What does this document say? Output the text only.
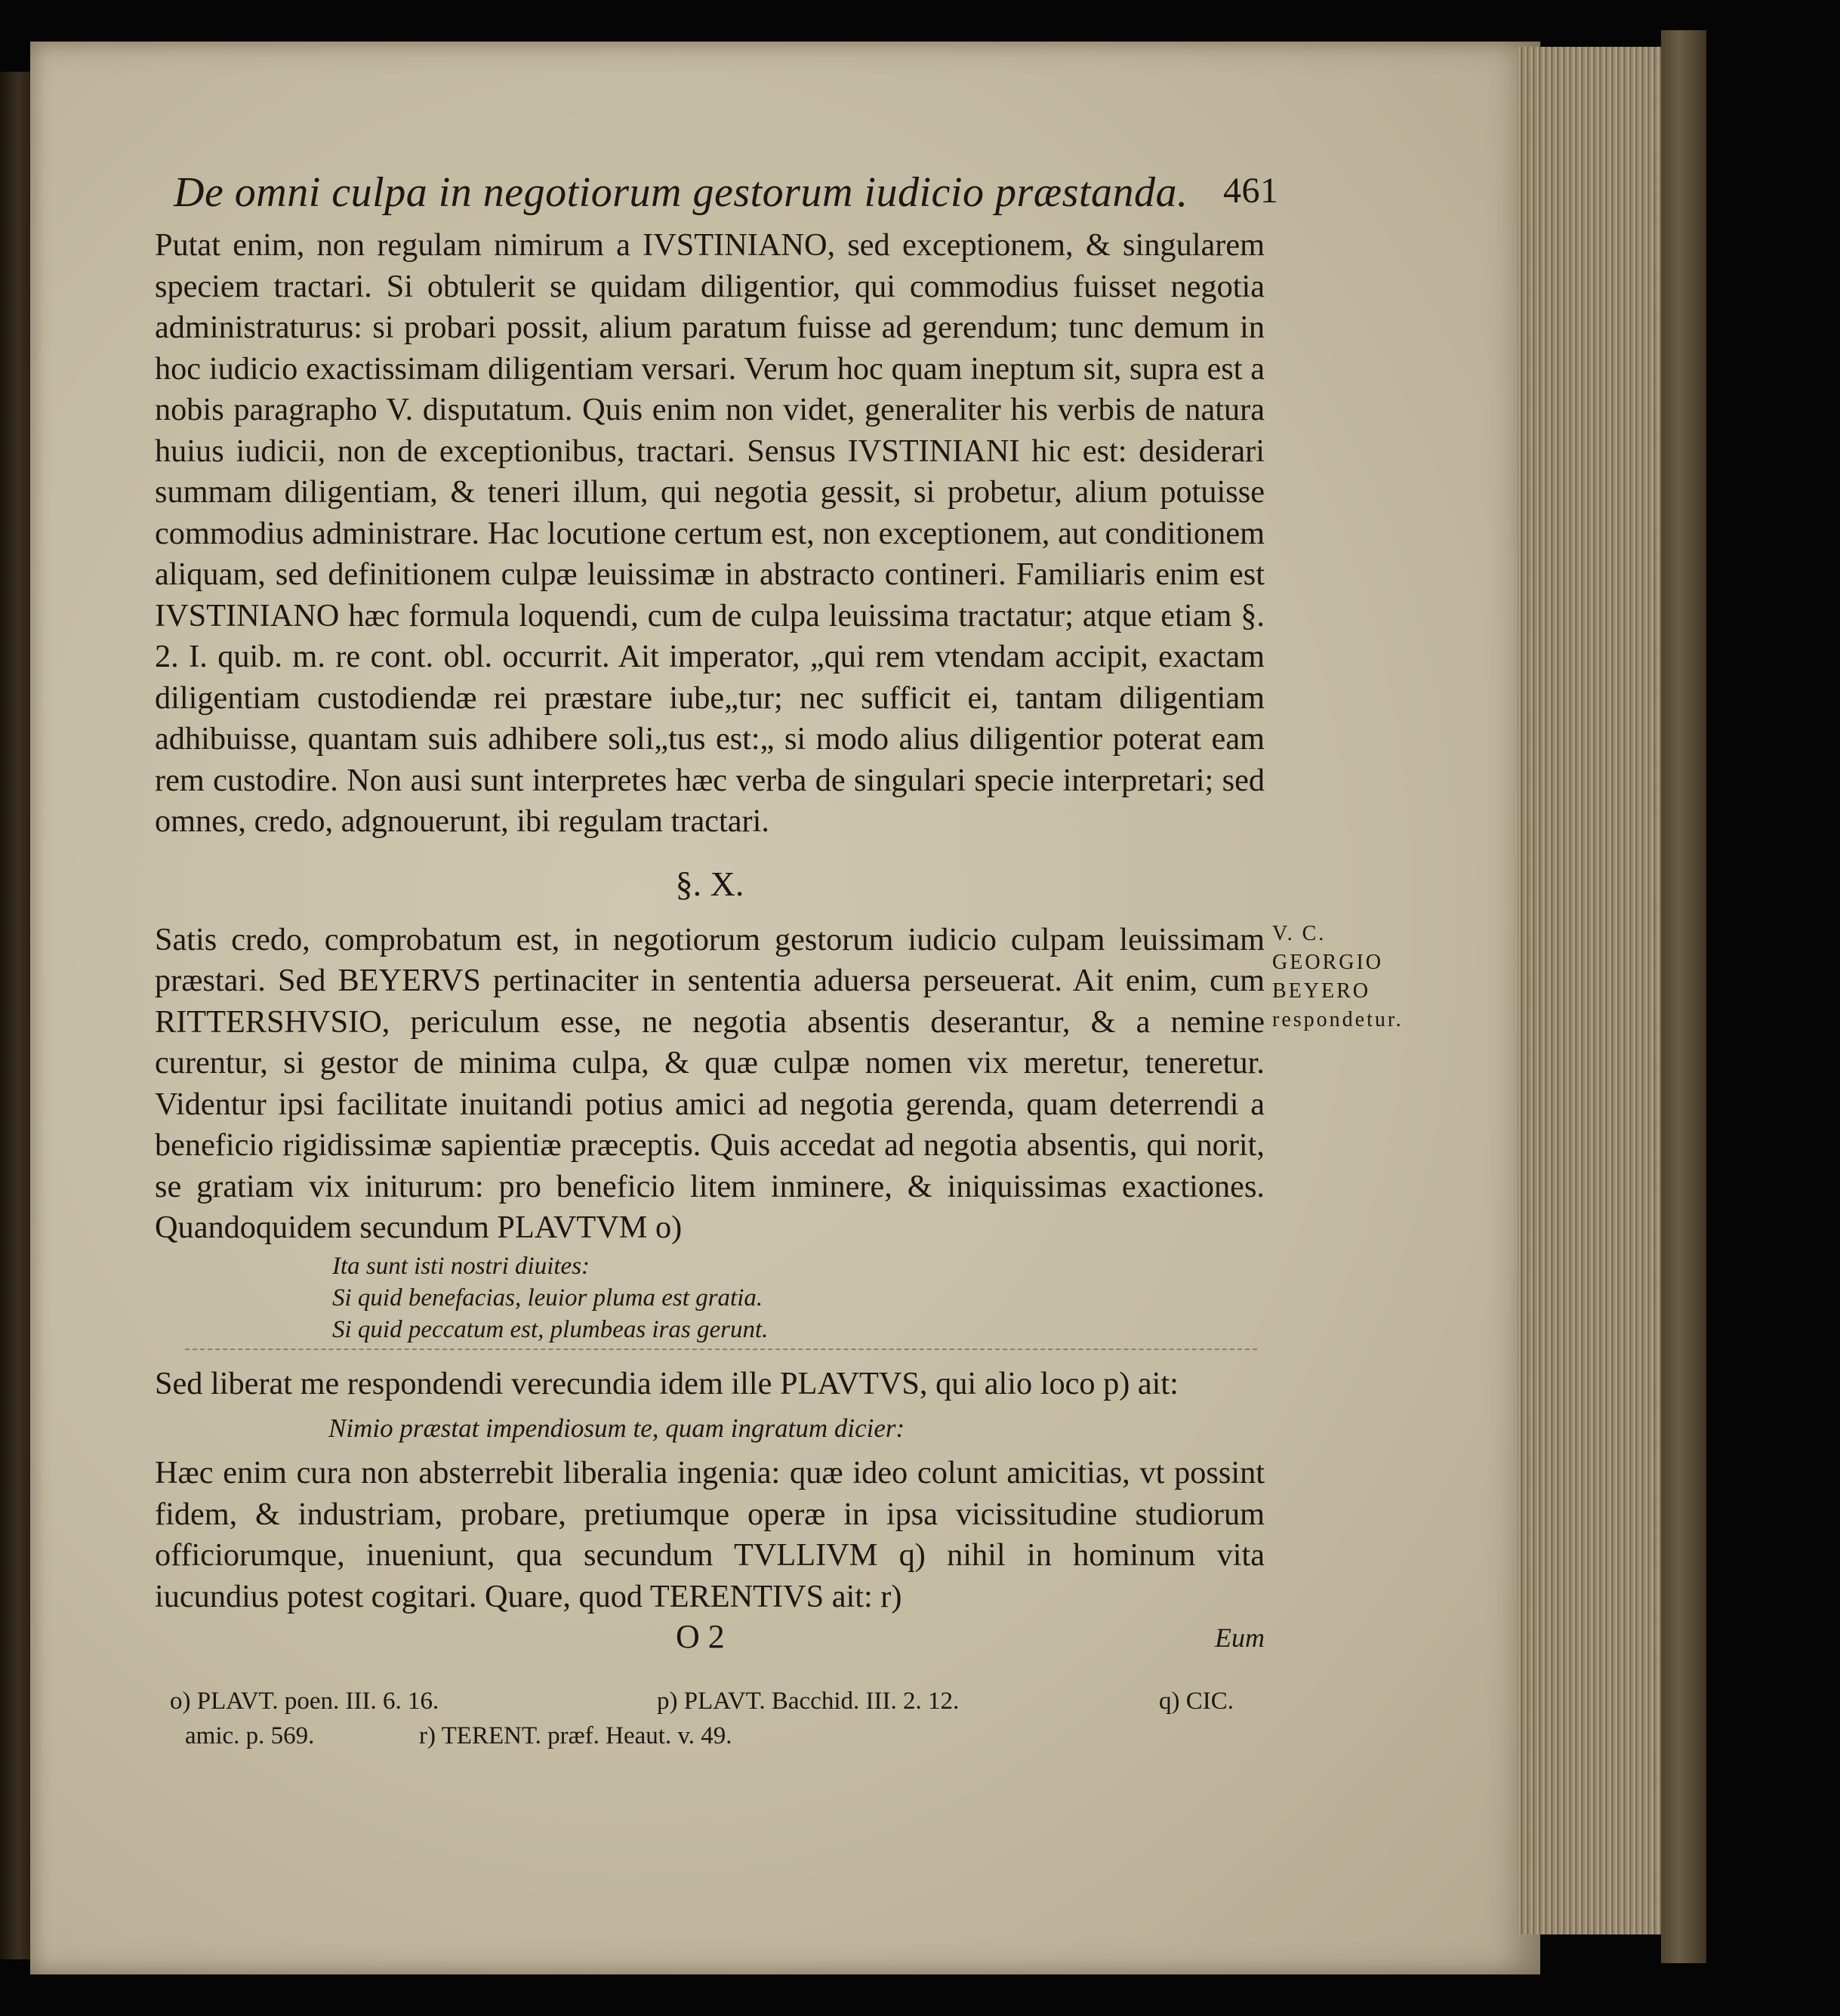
De omni culpa in negotiorum gestorum iudicio præstanda. 461

Putat enim, non regulam nimirum a IVSTINIANO, sed exceptionem, & singularem speciem tractari. Si obtulerit se quidam diligentior, qui commodius fuisset negotia administraturus: si probari possit, alium paratum fuisse ad gerendum; tunc demum in hoc iudicio exactissimam diligentiam versari. Verum hoc quam ineptum sit, supra est a nobis paragrapho V. disputatum. Quis enim non videt, generaliter his verbis de natura huius iudicii, non de exceptionibus, tractari. Sensus IVSTINIANI hic est: desiderari summam diligentiam, & teneri illum, qui negotia gessit, si probetur, alium potuisse commodius administrare. Hac locutione certum est, non exceptionem, aut conditionem aliquam, sed definitionem culpæ leuissimæ in abstracto contineri. Familiaris enim est IVSTINIANO hæc formula loquendi, cum de culpa leuissima tractatur; atque etiam §. 2. I. quib. m. re cont. obl. occurrit. Ait imperator, „qui rem vtendam accipit, exactam diligentiam custodiendæ rei præstare iube„tur; nec sufficit ei, tantam diligentiam adhibuisse, quantam suis adhibere soli„tus est:„ si modo alius diligentior poterat eam rem custodire. Non ausi sunt interpretes hæc verba de singulari specie interpretari; sed omnes, credo, adgnouerunt, ibi regulam tractari.

§. X.

Satis credo, comprobatum est, in negotiorum gestorum iudicio culpam leuissimam præstari. Sed BEYERVS pertinaciter in sententia aduersa perseuerat. Ait enim, cum RITTERSHVSIO, periculum esse, ne negotia absentis deserantur, & a nemine curentur, si gestor de minima culpa, & quæ culpæ nomen vix meretur, teneretur. Videntur ipsi facilitate inuitandi potius amici ad negotia gerenda, quam deterrendi a beneficio rigidissimæ sapientiæ præceptis. Quis accedat ad negotia absentis, qui norit, se gratiam vix initurum: pro beneficio litem inminere, & iniquissimas exactiones. Quandoquidem secundum PLAVTVM o)

V. C. GEORGIO BEYERO respondetur.
Ita sunt isti nostri diuites:
Si quid benefacias, leuior pluma est gratia.
Si quid peccatum est, plumbeas iras gerunt.

Sed liberat me respondendi verecundia idem ille PLAVTVS, qui alio loco p) ait:

Nimio præstat impendiosum te, quam ingratum dicier:

Hæc enim cura non absterrebit liberalia ingenia: quæ ideo colunt amicitias, vt possint fidem, & industriam, probare, pretiumque operæ in ipsa vicissitudine studiorum officiorumque, inueniunt, qua secundum TVLLIVM q) nihil in hominum vita iucundius potest cogitari. Quare, quod TERENTIVS ait: r)

O 2	Eum
o) PLAVT. poen. III. 6. 16.	p) PLAVT. Bacchid. III. 2. 12.	q) CIC.
amic. p. 569.	r) TERENT. præf. Heaut. v. 49.
